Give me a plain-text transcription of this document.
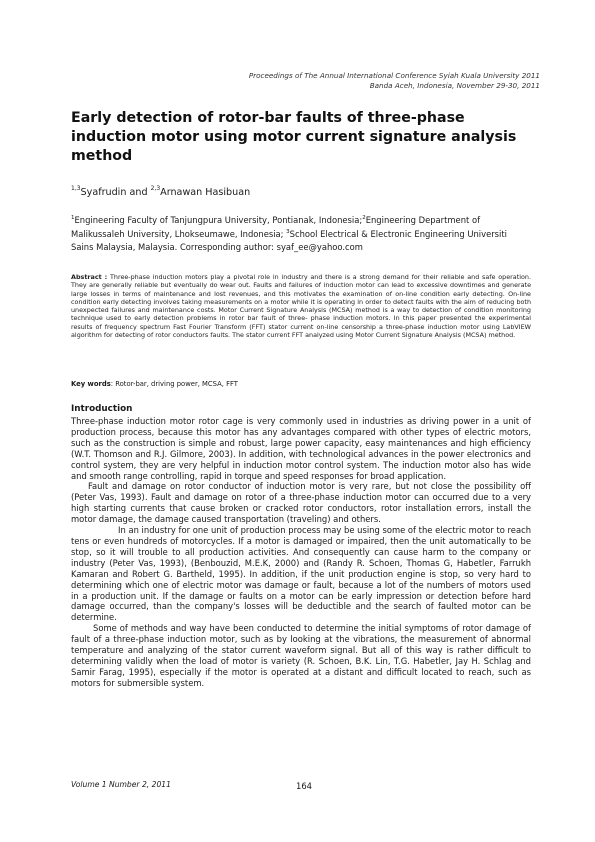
Proceedings of The Annual International Conference Syiah Kuala University 2011
Banda Aceh, Indonesia, November 29-30, 2011
Early detection of rotor-bar faults of three-phase induction motor using motor current signature analysis method
$^{1,3}$Syafrudin and $^{2,3}$Arnawan Hasibuan
$^1$Engineering Faculty of Tanjungpura University, Pontianak, Indonesia;$^2$Engineering Department of Malikussaleh University, Lhokseumawe, Indonesia; $^3$School Electrical & Electronic Engineering Universiti Sains Malaysia, Malaysia. Corresponding author: syaf_ee@yahoo.com
Abstract : Three-phase induction motors play a pivotal role in industry and there is a strong demand for their reliable and safe operation. They are generally reliable but eventually do wear out. Faults and failures of induction motor can lead to excessive downtimes and generate large losses in terms of maintenance and lost revenues, and this motivates the examination of on-line condition early detecting. On-line condition early detecting involves taking measurements on a motor while it is operating in order to detect faults with the aim of reducing both unexpected failures and maintenance costs. Motor Current Signature Analysis (MCSA) method is a way to detection of condition monitoring technique used to early detection problems in rotor bar fault of three- phase induction motors. In this paper presented the experimental results of frequency spectrum Fast Fourier Transform (FFT) stator current on-line censorship a three-phase induction motor using LabVIEW algorithm for detecting of rotor conductors faults. The stator current FFT analyzed using Motor Current Signature Analysis (MCSA) method.
Key words: Rotor-bar, driving power, MCSA, FFT
Introduction

Three-phase induction motor rotor cage is very commonly used in industries as driving power in a unit of production process, because this motor has any advantages compared with other types of electric motors, such as the construction is simple and robust, large power capacity, easy maintenances and high efficiency (W.T. Thomson and R.J. Gilmore, 2003). In addition, with technological advances in the power electronics and control system, they are very helpful in induction motor control system. The induction motor also has wide and smooth range controlling, rapid in torque and speed responses for broad application.

Fault and damage on rotor conductor of induction motor is very rare, but not close the possibility off (Peter Vas, 1993). Fault and damage on rotor of a three-phase induction motor can occurred due to a very high starting currents that cause broken or cracked rotor conductors, rotor installation errors, install the motor damage, the damage caused transportation (traveling) and others.

In an industry for one unit of production process may be using some of the electric motor to reach tens or even hundreds of motorcycles. If a motor is damaged or impaired, then the unit automatically to be stop, so it will trouble to all production activities. And consequently can cause harm to the company or industry (Peter Vas, 1993), (Benbouzid, M.E.K, 2000) and (Randy R. Schoen, Thomas G, Habetler, Farrukh Kamaran and Robert G. Bartheld, 1995). In addition, if the unit production engine is stop, so very hard to determining which one of electric motor was damage or fault, because a lot of the numbers of motors used in a production unit. If the damage or faults on a motor can be early impression or detection before hard damage occurred, than the company's losses will be deductible and the search of faulted motor can be determine.

Some of methods and way have been conducted to determine the initial symptoms of rotor damage of fault of a three-phase induction motor, such as by looking at the vibrations, the measurement of abnormal temperature and analyzing of the stator current waveform signal. But all of this way is rather difficult to determining validly when the load of motor is variety (R. Schoen, B.K. Lin, T.G. Habetler, Jay H. Schlag and Samir Farag, 1995), especially if the motor is operated at a distant and difficult located to reach, such as motors for submersible system.

Volume 1 Number 2, 2011	164
